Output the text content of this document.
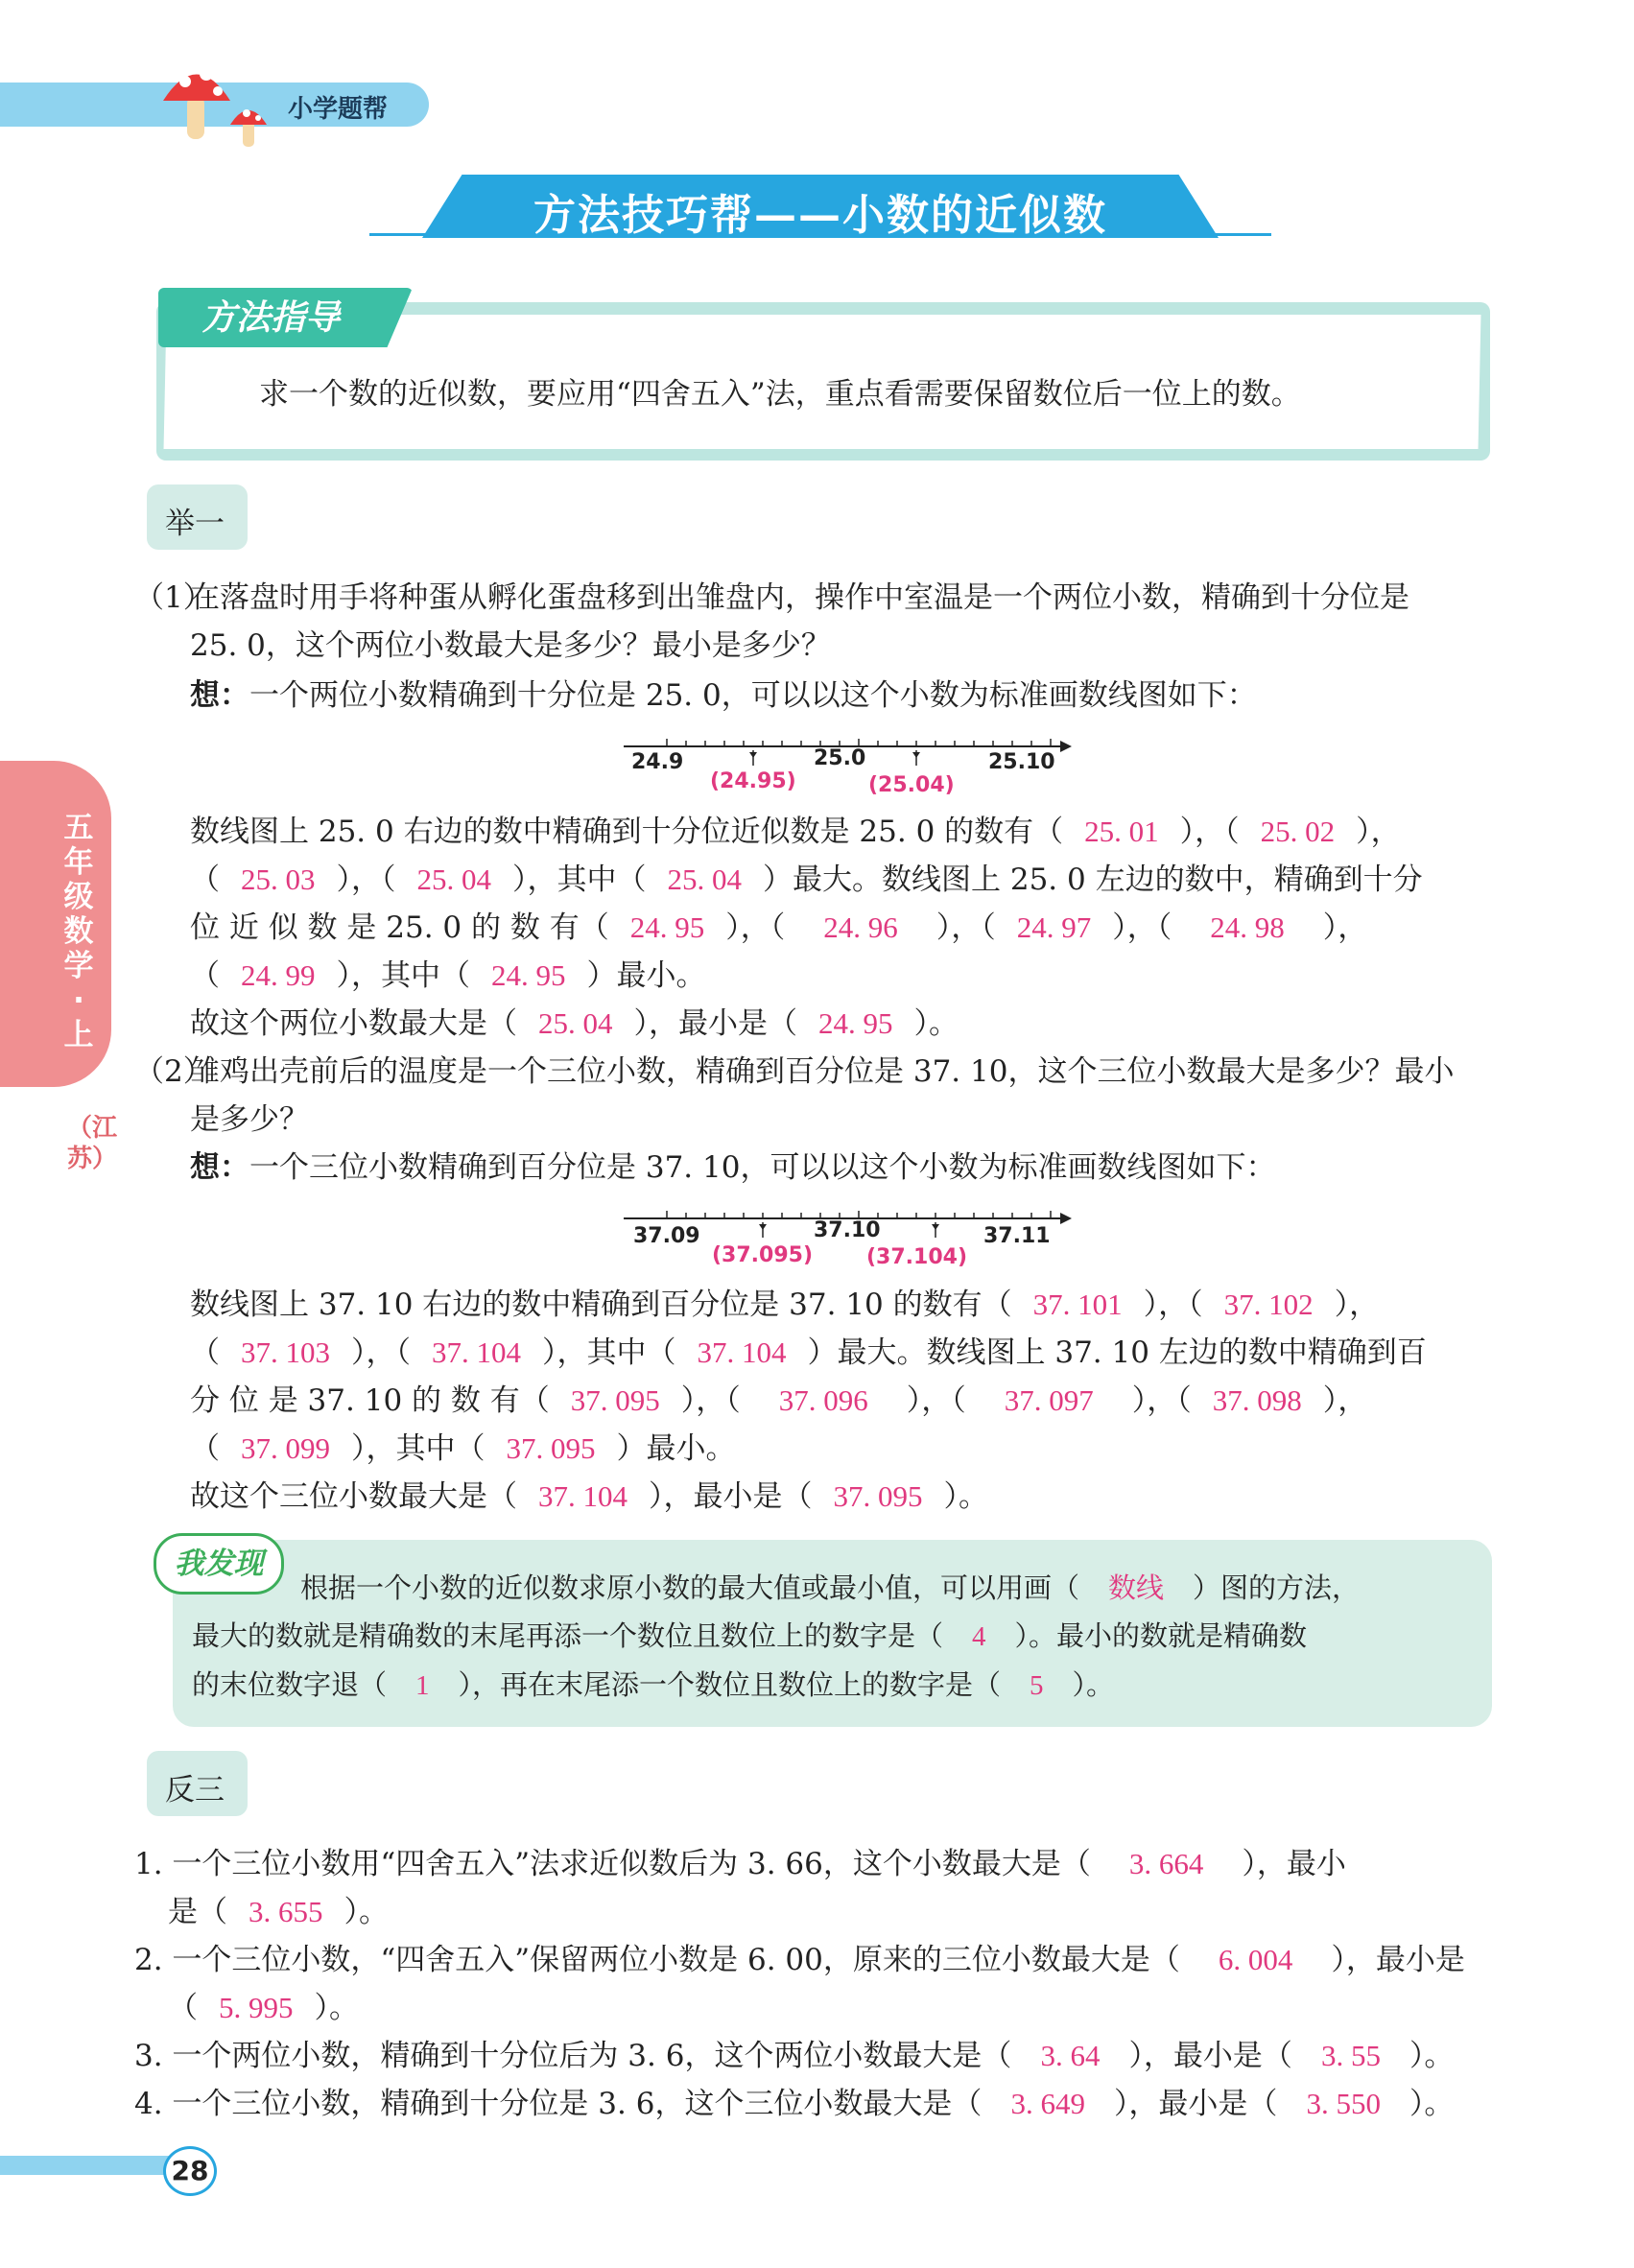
小学题帮
方法技巧帮——小数的近似数
方法指导
求一个数的近似数，要应用“四舍五入”法，重点看需要保留数位后一位上的数。
五年级数学·上
（江苏）
举一
（1）
在落盘时用手将种蛋从孵化蛋盘移到出雏盘内，操作中室温是一个两位小数，精确到十分位是
25. 0，这个两位小数最大是多少？最小是多少？
想：一个两位小数精确到十分位是 25. 0，可以以这个小数为标准画数线图如下：
24.9	25.0	25.10
(24.95)	(25.04)
数线图上 25. 0 右边的数中精确到十分位近似数是 25. 0 的数有（ 25. 01 ），（ 25. 02 ），
（ 25. 03 ），（ 25. 04 ），其中（ 25. 04 ）最大。数线图上 25. 0 左边的数中，精确到十分
位 近 似 数 是 25. 0 的 数 有（ 24. 95 ），（ 24. 96 ），（ 24. 97 ），（ 24. 98 ），
（ 24. 99 ），其中（ 24. 95 ）最小。
故这个两位小数最大是（ 25. 04 ），最小是（ 24. 95 ）。
（2）
雏鸡出壳前后的温度是一个三位小数，精确到百分位是 37. 10，这个三位小数最大是多少？最小
是多少？
想：一个三位小数精确到百分位是 37. 10，可以以这个小数为标准画数线图如下：
37.09	37.10	37.11
(37.095)	(37.104)
数线图上 37. 10 右边的数中精确到百分位是 37. 10 的数有（ 37. 101 ），（ 37. 102 ），
（ 37. 103 ），（ 37. 104 ），其中（ 37. 104 ）最大。数线图上 37. 10 左边的数中精确到百
分 位 是 37. 10 的 数 有（ 37. 095 ），（ 37. 096 ），（ 37. 097 ），（ 37. 098 ），
（ 37. 099 ），其中（ 37. 095 ）最小。
故这个三位小数最大是（ 37. 104 ），最小是（ 37. 095 ）。
我发现
根据一个小数的近似数求原小数的最大值或最小值，可以用画（ 数线 ）图的方法，
最大的数就是精确数的末尾再添一个数位且数位上的数字是（ 4 ）。最小的数就是精确数
的末位数字退（ 1 ），再在末尾添一个数位且数位上的数字是（ 5 ）。
反三
1. 一个三位小数用“四舍五入”法求近似数后为 3. 66，这个小数最大是（ 3. 664 ），最小
是（ 3. 655 ）。
2. 一个三位小数，“四舍五入”保留两位小数是 6. 00，原来的三位小数最大是（ 6. 004 ），最小是
（ 5. 995 ）。
3. 一个两位小数，精确到十分位后为 3. 6，这个两位小数最大是（ 3. 64 ），最小是（ 3. 55 ）。
4. 一个三位小数，精确到十分位是 3. 6，这个三位小数最大是（ 3. 649 ），最小是（ 3. 550 ）。
28
